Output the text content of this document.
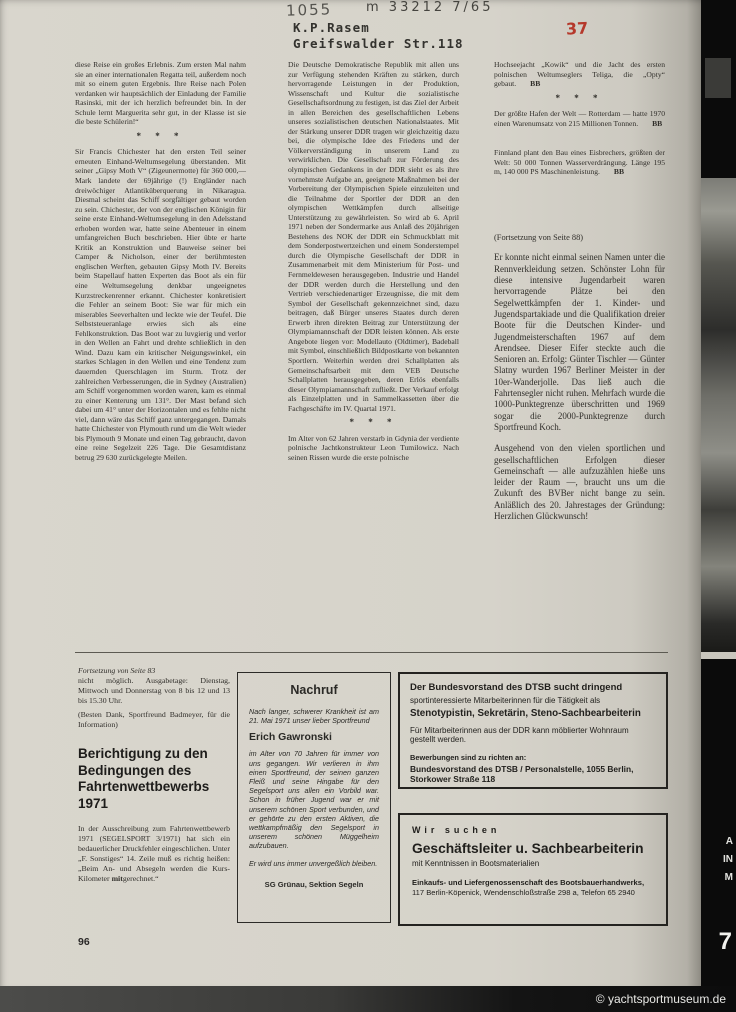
1055	m 33212 7/65
K.P.Rasem
Greifswalder Str.118
37
diese Reise ein großes Erlebnis. Zum ersten Mal nahm sie an einer internationalen Regatta teil, außerdem noch mit so einem guten Ergebnis. Ihre Reise nach Polen verdanken wir hauptsächlich der Einladung der Familie Rasinski, mit der ich herzlich befreundet bin. In der Schule lernt Marguerita sehr gut, in der Klasse ist sie die beste Schülerin!“
* * *
Sir Francis Chichester hat den ersten Teil seiner erneuten Einhand-Weltumsegelung überstanden. Mit seiner „Gipsy Moth V“ (Zigeunermotte) für 360 000,— Mark landete der 69jährige (!) Engländer nach dreiwöchiger Atlantiküberquerung in Nikaragua. Diesmal scheint das Schiff sorgfältiger gebaut worden zu sein. Chichester, der von der englischen Königin für seine erste Einhand-Weltumsegelung in den Adelsstand erhoben worden war, hatte seine Abenteuer in einem umfangreichen Buch beschrieben. Hier übte er harte Kritik an Konstruktion und Bauweise seiner bei Camper & Nicholson, einer der berühmtesten englischen Werften, gebauten Gipsy Moth IV. Bereits beim Stapellauf hatten Experten das Boot als ein für eine Weltumsegelung denkbar ungeeignetes Kurzstreckenrenner erkannt. Chichester konkretisiert die Fehler an seinem Boot: Sie war für mich ein miserables Seeverhalten und leckte wie der Teufel. Die Selbststeueranlage erwies sich als eine Fehlkonstruktion. Das Boot war zu luvgierig und verlor in den Wellen an Fahrt und drehte schließlich in den Wind. Dazu kam ein kritischer Neigungswinkel, ein starkes Schlagen in den Wellen und eine Tendenz zum dauernden Querschlagen im Sturm. Trotz der zahlreichen Verbesserungen, die in Sydney (Australien) am Schiff vorgenommen worden waren, kam es einmal zu einer Kenterung um 131°. Der Mast befand sich dabei um 41° unter der Horizontalen und es fehlte nicht viel, dann wäre das Schiff ganz untergegangen. Damals hatte Chichester von Plymouth rund um die Welt wieder bis Plymouth 9 Monate und einen Tag gebraucht, davon eine reine Segelzeit 226 Tage. Die Gesamtdistanz betrug 29 630 zurückgelegte Meilen.
Die Deutsche Demokratische Republik mit allen uns zur Verfügung stehenden Kräften zu stärken, durch hervorragende Leistungen in der Produktion, Wissenschaft und Kultur die sozialistische Gesellschaftsordnung zu festigen, ist das Ziel der Arbeit in allen Bereichen des gesellschaftlichen Lebens unseres sozialistischen deutschen Nationalstaates. Mit der Stärkung unserer DDR tragen wir gleichzeitig dazu bei, die olympische Idee des Friedens und der Völkerverständigung in unserem Land zu verwirklichen. Die Gesellschaft zur Förderung des olympischen Gedankens in der DDR sieht es als ihre vornehmste Aufgabe an, geeignete Maßnahmen bei der Vorbereitung der Olympischen Spiele einzuleiten und die Teilnahme der Sportler der DDR an den olympischen Wettkämpfen durch allseitige Unterstützung zu gewährleisten. So wird ab 6. April 1971 neben der Sondermarke aus Anlaß des 20jährigen Bestehens des NOK der DDR ein Schmuckblatt mit dem Sonderpostwertzeichen und einem Sonderstempel durch die Olympische Gesellschaft der DDR in Zusammenarbeit mit dem Ministerium für Post- und Fernmeldewesen herausgegeben. Industrie und Handel der DDR werden durch die Herstellung und den Vertrieb verschiedenartiger Erzeugnisse, die mit dem Symbol der Gesellschaft gekennzeichnet sind, dazu beitragen, daß Bürger unseres Staates durch deren Erwerb ihren direkten Beitrag zur Unterstützung der Olympiamannschaft der DDR leisten können. Als erste Angebote liegen vor: Modellauto (Oldtimer), Badeball mit Symbol, einschließlich Bildpostkarte von bekannten Sportlern. Weiterhin werden drei Schallplatten als Gemeinschaftsarbeit mit dem VEB Deutsche Schallplatten herausgegeben, deren Erlös ebenfalls dieser Olympiamannschaft zufließt. Der Verkauf erfolgt als Einzelplatten und in Sammelkassetten über die Fachgeschäfte im IV. Quartal 1971.
* * *
Im Alter von 62 Jahren verstarb in Gdynia der verdiente polnische Jachtkonstrukteur Leon Tumilowicz. Nach seinen Rissen wurde die erste polnische
Hochseejacht „Kowik“ und die Jacht des ersten polnischen Weltumseglers Teliga, die „Opty“ gebaut. BB
* * *
Der größte Hafen der Welt — Rotterdam — hatte 1970 einen Warenumsatz von 215 Millionen Tonnen. BB
Finnland plant den Bau eines Eisbrechers, größten der Welt: 50 000 Tonnen Wasserverdrängung. Länge 195 m, 140 000 PS Maschinenleistung. BB
(Fortsetzung von Seite 88)
Er konnte nicht einmal seinen Namen unter die Rennverkleidung setzen. Schönster Lohn für diese intensive Jugendarbeit waren hervorragende Plätze bei den Segelwettkämpfen der 1. Kinder- und Jugendspartakiade und die Qualifikation dreier Boote für die Deutschen Kinder- und Jugendmeisterschaften 1967 auf dem Arendsee. Dieser Eifer steckte auch die Senioren an. Erfolg: Günter Tischler — Günter Slatny wurden 1967 Berliner Meister in der 10er-Wanderjolle. Das ließ auch die Fahrtensegler nicht ruhen. Mehrfach wurde die 1000-Punktegrenze überschritten und 1969 sogar die 2000-Punktegrenze durch Sportfreund Koch.
Ausgehend von den vielen sportlichen und gesellschaftlichen Erfolgen dieser Gemeinschaft — alle aufzuzählen hieße uns leider der Raum —, braucht uns um die Zukunft des BVBer nicht bange zu sein. Anläßlich des 20. Jahrestages der Gründung: Herzlichen Glückwunsch!
Fortsetzung von Seite 83
nicht möglich. Ausgabetage: Dienstag, Mittwoch und Donnerstag von 8 bis 12 und 13 bis 15.30 Uhr.
(Besten Dank, Sportfreund Badmeyer, für die Information)
Berichtigung zu den Bedingungen des Fahrtenwettbewerbs 1971
In der Ausschreibung zum Fahrtenwettbewerb 1971 (SEGELSPORT 3/1971) hat sich ein bedauerlicher Druckfehler eingeschlichen. Unter „F. Sonstiges“ 14. Zeile muß es richtig heißen: „Beim An- und Absegeln werden die Kurs-Kilometer mitgerechnet.“
96
Nachruf
Nach langer, schwerer Krankheit ist am 21. Mai 1971 unser lieber Sportfreund
Erich Gawronski
im Alter von 70 Jahren für immer von uns gegangen. Wir verlieren in ihm einen Sportfreund, der seinen ganzen Fleiß und seine Hingabe für den Segelsport uns allen ein Vorbild war. Schon in früher Jugend war er mit unserem schönen Sport verbunden, und er gehörte zu den ersten Aktiven, die wettkampfmäßig den Segelsport in unserem schönen Müggelheim aufzubauen.
Er wird uns immer unvergeßlich bleiben.
SG Grünau, Sektion Segeln
Der Bundesvorstand des DTSB sucht dringend
sportinteressierte Mitarbeiterinnen für die Tätigkeit als
Stenotypistin, Sekretärin, Steno-Sachbearbeiterin
Für Mitarbeiterinnen aus der DDR kann möblierter Wohnraum gestellt werden.
Bewerbungen sind zu richten an:
Bundesvorstand des DTSB / Personalstelle, 1055 Berlin, Storkower Straße 118
Wir suchen
Geschäftsleiter u. Sachbearbeiterin
mit Kenntnissen in Bootsmaterialien
Einkaufs- und Liefergenossenschaft des Bootsbauerhandwerks,
117 Berlin-Köpenick, Wendenschloßstraße 298 a, Telefon 65 2940
A
IN
M
7
© yachtsportmuseum.de
